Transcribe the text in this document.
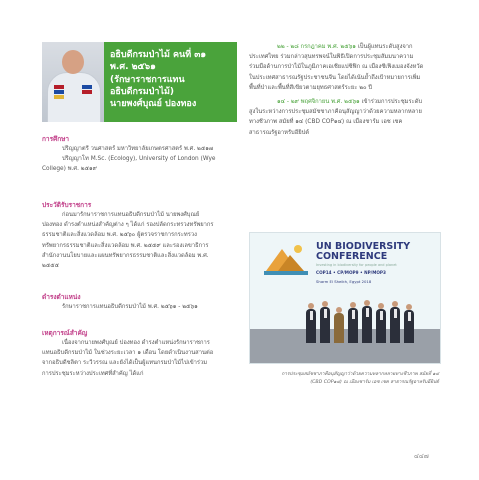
อธิบดีกรมป่าไม้ คนที่ ๓๑
พ.ศ. ๒๕๖๑
(รักษาราชการแทน
อธิบดีกรมป่าไม้)
นายพงศ์บุณย์ ปองทอง
การศึกษา
ปริญญาตรี วนศาสตร์ มหาวิทยาลัยเกษตรศาสตร์ พ.ศ. ๒๕๑๗
ปริญญาโท M.Sc. (Ecology), University of London (Wye
College) พ.ศ. ๒๕๑๙
ประวัติรับราชการ
ก่อนมารักษาราชการแทนอธิบดีกรมป่าไม้ นายพงศ์บุณย์
ปองทอง ดำรงตำแหน่งสำคัญต่าง ๆ ได้แก่ รองปลัดกระทรวงทรัพยากร
ธรรมชาติและสิ่งแวดล้อม พ.ศ. ๒๕๖๐ ผู้ตรวจราชการกระทรวง
ทรัพยากรธรรมชาติและสิ่งแวดล้อม พ.ศ. ๒๕๕๙ และรองเลขาธิการ
สำนักงานนโยบายและแผนทรัพยากรธรรมชาติและสิ่งแวดล้อม พ.ศ.
๒๕๕๕
ดำรงตำแหน่ง
รักษาราชการแทนอธิบดีกรมป่าไม้ พ.ศ. ๒๕๖๑ - ๒๕๖๑
เหตุการณ์สำคัญ
เนื่องจากนายพงศ์บุณย์ ปองทอง ดำรงตำแหน่งรักษาราชการ
แทนอธิบดีกรมป่าไม้ ในช่วงระยะเวลา ๑ เดือน โดยดำเนินงานสานต่อ
จากอธิบดีชลิตา ระวีวรรณ และยังได้เป็นผู้แทนกรมป่าไม้ไปเข้าร่วม
การประชุมระหว่างประเทศที่สำคัญ ได้แก่
๒๒ - ๒๘ กรกฎาคม พ.ศ. ๒๕๖๑ เป็นผู้แทนระดับสูงจาก
ประเทศไทย ร่วมกล่าวสุนทรพจน์ในพิธีเปิดการประชุมสัมมนาความ
ร่วมมือด้านการป่าไม้ในภูมิภาคเอเชียแปซิฟิก ณ เมืองซีเฟิงเมองจังหวัด
ในประเทศสาธารณรัฐประชาชนจีน โดยได้เน้นย้ำถึงเป้าหมายการเพิ่ม
พื้นที่ป่าและพื้นที่สีเขียวตามยุทธศาสตร์ระยะ ๒๐ ปี
๑๔ - ๒๙ พฤศจิกายน พ.ศ. ๒๕๖๑ เข้าร่วมการประชุมระดับ
สูงในระหว่างการประชุมสมัชชาภาคีอนุสัญญาว่าด้วยความหลากหลาย
ทางชีวภาพ สมัยที่ ๑๔ (CBD COP๑๔) ณ เมืองชาร์ม เอช เชค
สาธารณรัฐอาหรับอียิปต์
UN BIODIVERSITY CONFERENCE
Investing in biodiversity for people and planet
COP14 • CP/MOP9 • NP/MOP3
Sharm El Sheikh, Egypt 2018
การประชุมสมัชชาภาคีอนุสัญญาว่าด้วยความหลากหลายทางชีวภาพ สมัยที่ ๑๔
(CBD COP๑๔) ณ เมืองชาร์ม เอช เชค สาธารณรัฐอาหรับอียิปต์
๔๔๗
